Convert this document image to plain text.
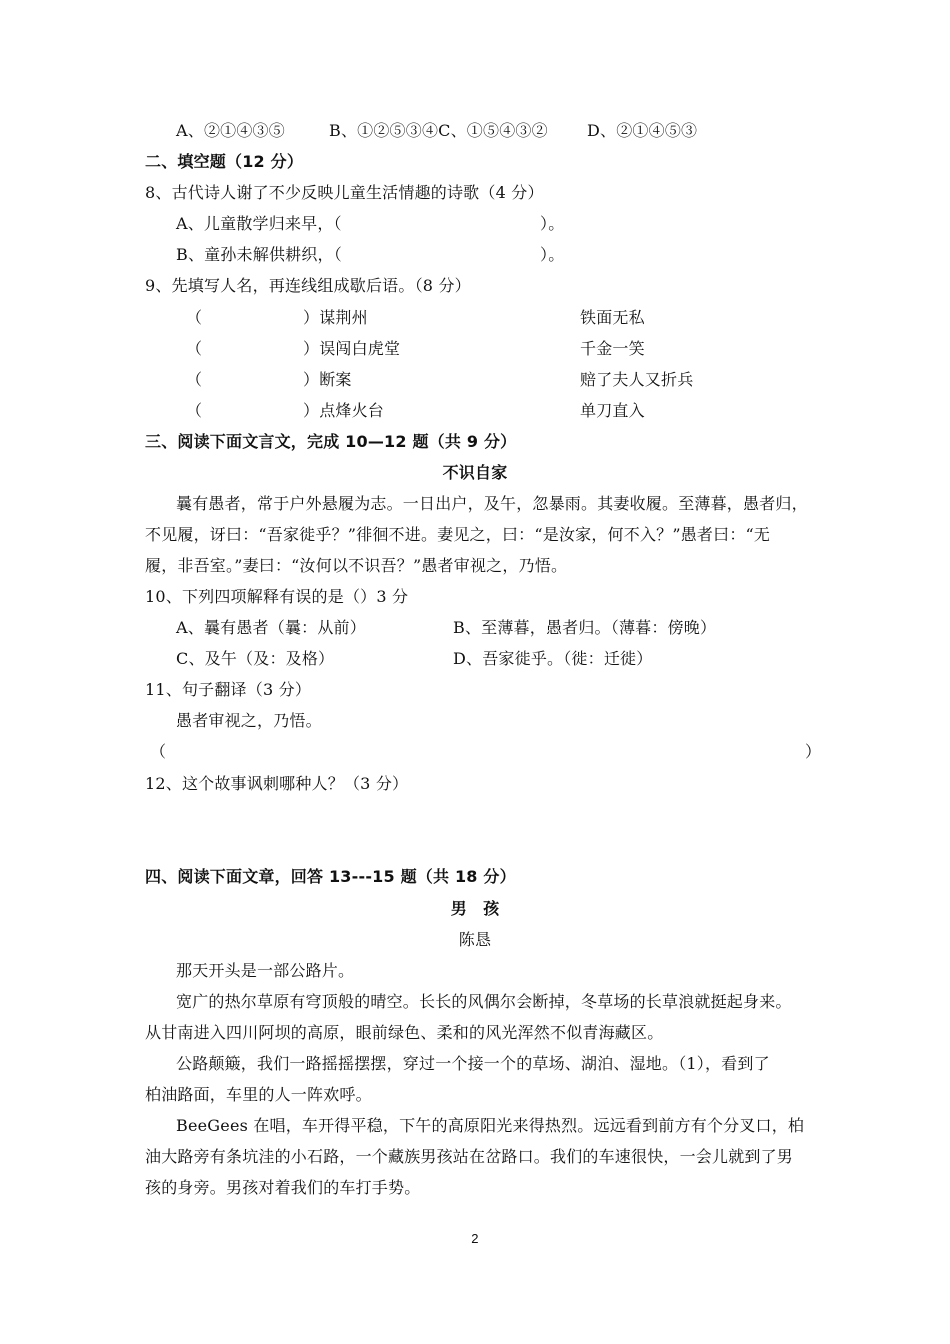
A、②①④③⑤	B、①②⑤③④C、①⑤④③② D、②①④⑤③
二、填空题（12 分）
8、古代诗人谢了不少反映儿童生活情趣的诗歌（4 分）
A、儿童散学归来早，（	）。
B、童孙未解供耕织，（	）。
9、先填写人名，再连线组成歇后语。（8 分）
（	）谋荆州	铁面无私
（	）误闯白虎堂	千金一笑
（	）断案	赔了夫人又折兵
（	）点烽火台	单刀直入
三、阅读下面文言文，完成 10—12 题（共 9 分）
不识自家
曩有愚者，常于户外悬履为志。一日出户，及午，忽暴雨。其妻收履。至薄暮，愚者归，
不见履，讶曰：“吾家徙乎？”徘徊不进。妻见之，曰：“是汝家，何不入？”愚者曰：“无
履，非吾室。”妻曰：“汝何以不识吾？”愚者审视之，乃悟。
10、下列四项解释有误的是（）3 分
A、曩有愚者（曩：从前）	B、至薄暮，愚者归。（薄暮：傍晚）
C、及午（及：及格）	D、吾家徙乎。（徙：迁徙）
11、句子翻译（3 分）
愚者审视之，乃悟。
（	）
12、这个故事讽刺哪种人？（3 分）
四、阅读下面文章，回答 13---15 题（共 18 分）
男　孩
陈恳
那天开头是一部公路片。
宽广的热尔草原有穹顶般的晴空。长长的风偶尔会断掉，冬草场的长草浪就挺起身来。
从甘南进入四川阿坝的高原，眼前绿色、柔和的风光浑然不似青海藏区。
公路颠簸，我们一路摇摇摆摆，穿过一个接一个的草场、湖泊、湿地。（1），看到了
柏油路面，车里的人一阵欢呼。
BeeGees 在唱，车开得平稳，下午的高原阳光来得热烈。远远看到前方有个分叉口，柏
油大路旁有条坑洼的小石路，一个藏族男孩站在岔路口。我们的车速很快，一会儿就到了男
孩的身旁。男孩对着我们的车打手势。
2
